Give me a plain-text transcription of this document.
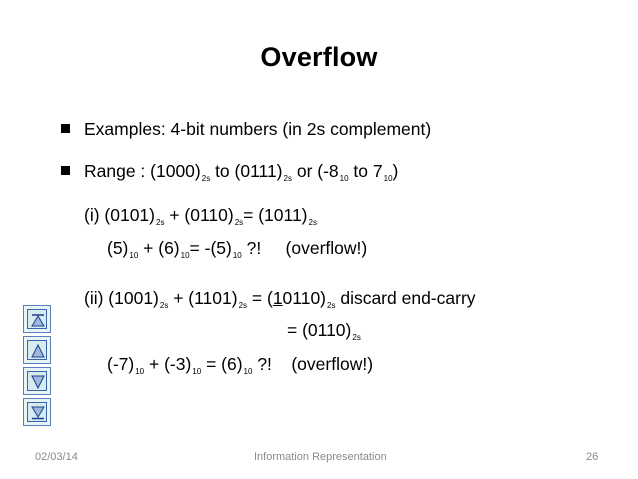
Overflow
Examples: 4-bit numbers (in 2s complement)
Range : $(1000)_{2s}$ to $(0111)_{2s}$ or ($-8_{10}$ to $7_{10}$)
(i) $(0101)_{2s} + (0110)_{2s}= (1011)_{2s}$
$(5)_{10} + (6)_{10}= -(5)_{10}$ ?!     (overflow!)
(ii) $(1001)_{2s} + (1101)_{2s} = (10110)_{2s}$ discard end-carry
= $(0110)_{2s}$
$(-7)_{10} + (-3)_{10} = (6)_{10}$ ?!    (overflow!)
02/03/14	Information Representation	26
